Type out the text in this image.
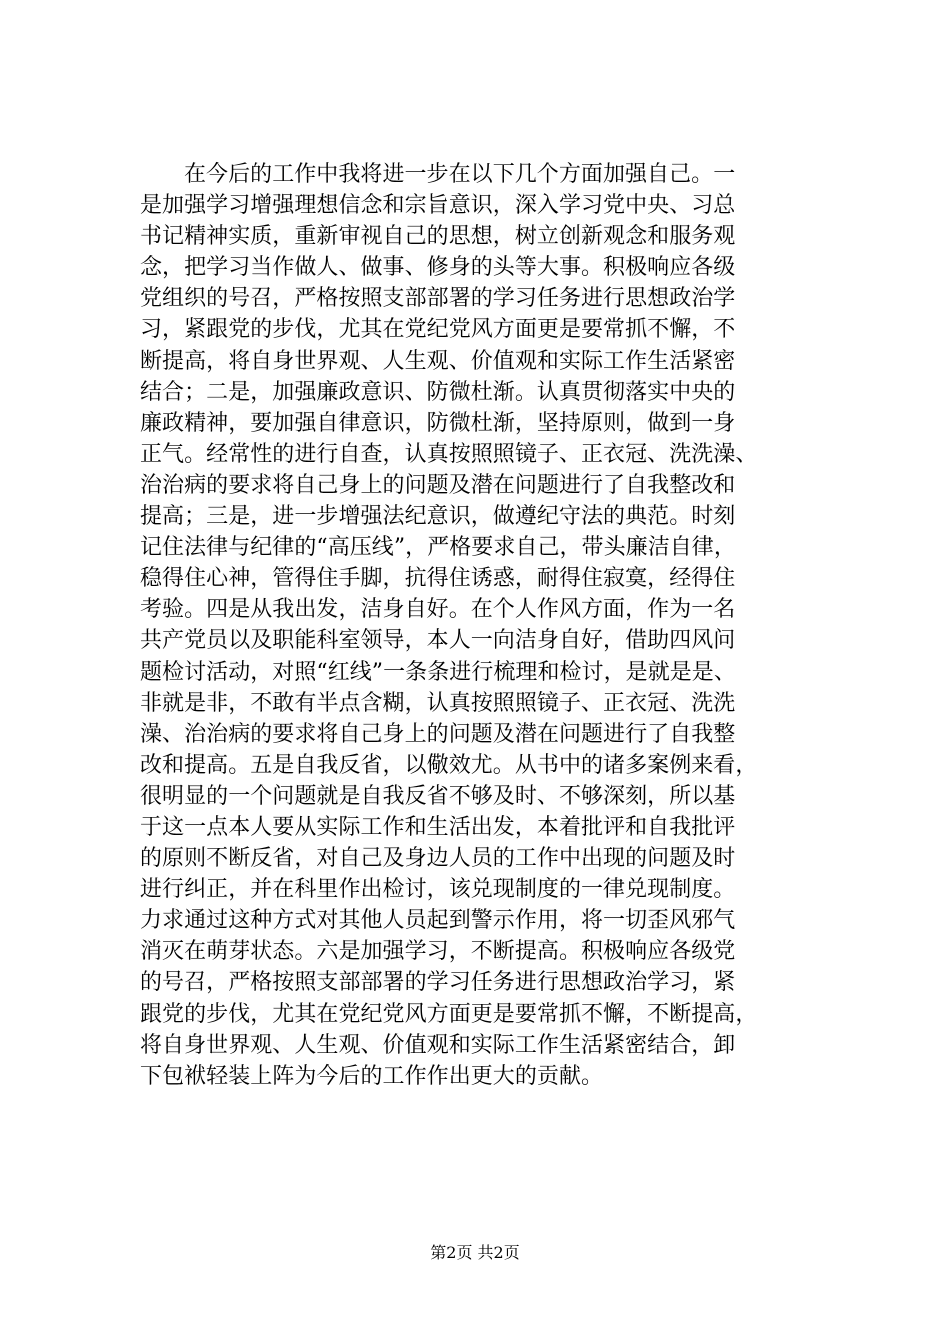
在今后的工作中我将进一步在以下几个方面加强自己。一
是加强学习增强理想信念和宗旨意识，深入学习党中央、习总
书记精神实质，重新审视自己的思想，树立创新观念和服务观
念，把学习当作做人、做事、修身的头等大事。积极响应各级
党组织的号召，严格按照支部部署的学习任务进行思想政治学
习，紧跟党的步伐，尤其在党纪党风方面更是要常抓不懈，不
断提高，将自身世界观、人生观、价值观和实际工作生活紧密
结合；二是，加强廉政意识、防微杜渐。认真贯彻落实中央的
廉政精神，要加强自律意识，防微杜渐，坚持原则，做到一身
正气。经常性的进行自查，认真按照照镜子、正衣冠、洗洗澡、
治治病的要求将自己身上的问题及潜在问题进行了自我整改和
提高；三是，进一步增强法纪意识，做遵纪守法的典范。时刻
记住法律与纪律的“高压线”，严格要求自己，带头廉洁自律，
稳得住心神，管得住手脚，抗得住诱惑，耐得住寂寞，经得住
考验。四是从我出发，洁身自好。在个人作风方面，作为一名
共产党员以及职能科室领导，本人一向洁身自好，借助四风问
题检讨活动，对照“红线”一条条进行梳理和检讨，是就是是、
非就是非，不敢有半点含糊，认真按照照镜子、正衣冠、洗洗
澡、治治病的要求将自己身上的问题及潜在问题进行了自我整
改和提高。五是自我反省，以儆效尤。从书中的诸多案例来看，
很明显的一个问题就是自我反省不够及时、不够深刻，所以基
于这一点本人要从实际工作和生活出发，本着批评和自我批评
的原则不断反省，对自己及身边人员的工作中出现的问题及时
进行纠正，并在科里作出检讨，该兑现制度的一律兑现制度。
力求通过这种方式对其他人员起到警示作用，将一切歪风邪气
消灭在萌芽状态。六是加强学习，不断提高。积极响应各级党
的号召，严格按照支部部署的学习任务进行思想政治学习，紧
跟党的步伐，尤其在党纪党风方面更是要常抓不懈，不断提高，
将自身世界观、人生观、价值观和实际工作生活紧密结合，卸
下包袱轻装上阵为今后的工作作出更大的贡献。
第2页 共2页
